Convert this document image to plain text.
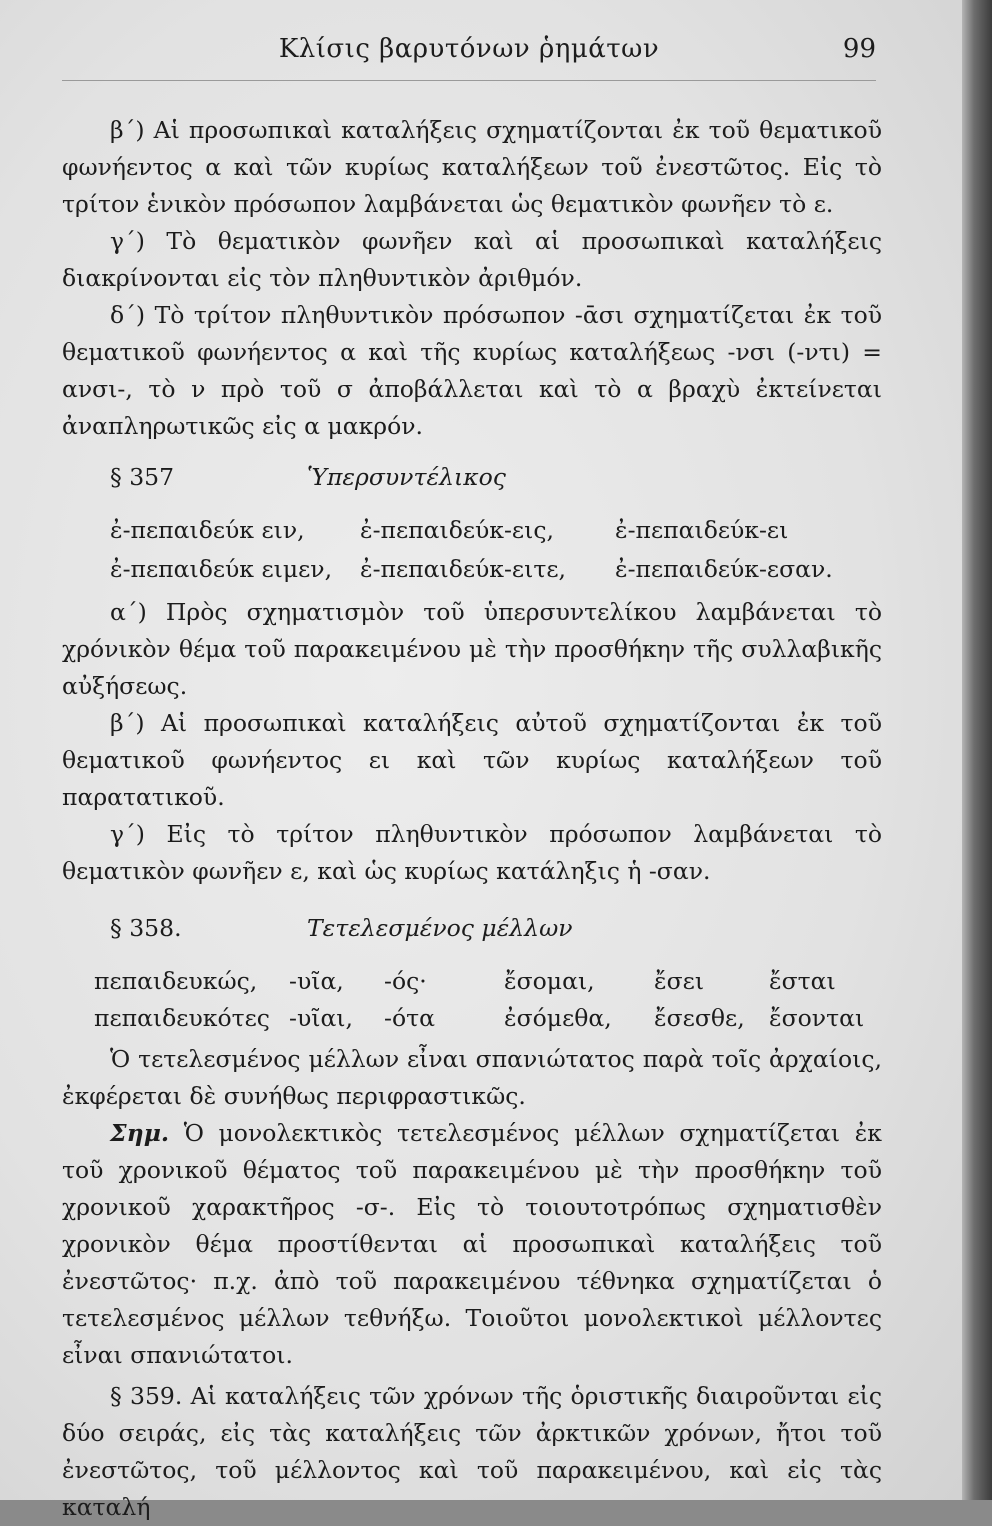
Κλίσις βαρυτόνων ῥημάτων	99

β΄) Αἱ προσωπικαὶ καταλήξεις σχηματίζονται ἐκ τοῦ θεματικοῦ φωνήεντος α καὶ τῶν κυρίως καταλήξεων τοῦ ἐνεστῶτος. Εἰς τὸ τρίτον ἑνικὸν πρόσωπον λαμβάνεται ὡς θεματικὸν φωνῆεν τὸ ε.

γ΄) Τὸ θεματικὸν φωνῆεν καὶ αἱ προσωπικαὶ καταλήξεις διακρίνονται εἰς τὸν πληθυντικὸν ἀριθμόν.

δ΄) Τὸ τρίτον πληθυντικὸν πρόσωπον -ᾱσι σχηματίζεται ἐκ τοῦ θεματικοῦ φωνήεντος α καὶ τῆς κυρίως καταλήξεως -νσι (-ντι) = ανσι-, τὸ ν πρὸ τοῦ σ ἀποβάλλεται καὶ τὸ α βραχὺ ἐκτείνεται ἀναπληρωτικῶς εἰς α μακρόν.

§ 357	Ὑπερσυντέλικος
ἐ-πεπαιδεύκ ειν,	ἐ-πεπαιδεύκ-εις,	ἐ-πεπαιδεύκ-ει
ἐ-πεπαιδεύκ ειμεν,	ἐ-πεπαιδεύκ-ειτε,	ἐ-πεπαιδεύκ-εσαν.

α΄) Πρὸς σχηματισμὸν τοῦ ὑπερσυντελίκου λαμβάνεται τὸ χρόνικὸν θέμα τοῦ παρακειμένου μὲ τὴν προσθήκην τῆς συλλαβικῆς αὐξήσεως.

β΄) Αἱ προσωπικαὶ καταλήξεις αὐτοῦ σχηματίζονται ἐκ τοῦ θεματικοῦ φωνήεντος ει καὶ τῶν κυρίως καταλήξεων τοῦ παρατατικοῦ.

γ΄) Εἰς τὸ τρίτον πληθυντικὸν πρόσωπον λαμβάνεται τὸ θεματικὸν φωνῆεν ε, καὶ ὡς κυρίως κατάληξις ἡ -σαν.

§ 358.	Τετελεσμένος μέλλων
πεπαιδευκώς,	-υῖα,	-ός·	ἔσομαι,	ἔσει	ἔσται
πεπαιδευκότες -υῖαι,	-ότα	ἐσόμεθα,	ἔσεσθε,	ἔσονται

Ὁ τετελεσμένος μέλλων εἶναι σπανιώτατος παρὰ τοῖς ἀρχαίοις, ἐκφέρεται δὲ συνήθως περιφραστικῶς.

Σημ. Ὁ μονολεκτικὸς τετελεσμένος μέλλων σχηματίζεται ἐκ τοῦ χρονικοῦ θέματος τοῦ παρακειμένου μὲ τὴν προσθήκην τοῦ χρονικοῦ χαρακτῆρος -σ-. Εἰς τὸ τοιουτοτρόπως σχηματισθὲν χρονικὸν θέμα προστίθενται αἱ προσωπικαὶ καταλήξεις τοῦ ἐνεστῶτος· π.χ. ἀπὸ τοῦ παρακειμένου τέθνηκα σχηματίζεται ὁ τετελεσμένος μέλλων τεθνήξω. Τοιοῦτοι μονολεκτικοὶ μέλλοντες εἶναι σπανιώτατοι.

§ 359. Αἱ καταλήξεις τῶν χρόνων τῆς ὁριστικῆς διαιροῦνται εἰς δύο σειράς, εἰς τὰς καταλήξεις τῶν ἀρκτικῶν χρόνων, ἤτοι τοῦ ἐνεστῶτος, τοῦ μέλλοντος καὶ τοῦ παρακειμένου, καὶ εἰς τὰς καταλή
